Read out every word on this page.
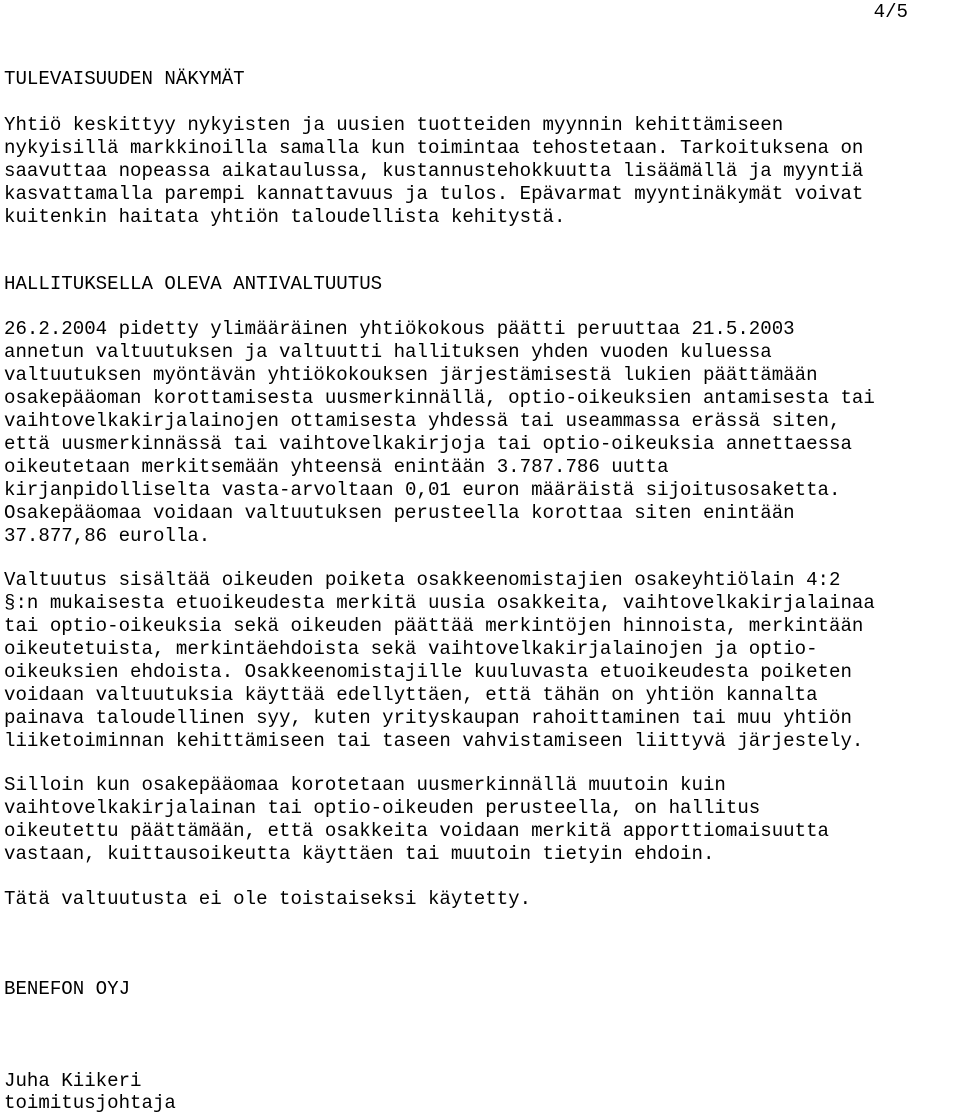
4/5
TULEVAISUUDEN NÄKYMÄT
Yhtiö keskittyy nykyisten ja uusien tuotteiden myynnin kehittämiseen
nykyisillä markkinoilla samalla kun toimintaa tehostetaan. Tarkoituksena on
saavuttaa nopeassa aikataulussa, kustannustehokkuutta lisäämällä ja myyntiä
kasvattamalla parempi kannattavuus ja tulos. Epävarmat myyntinäkymät voivat
kuitenkin haitata yhtiön taloudellista kehitystä.
HALLITUKSELLA OLEVA ANTIVALTUUTUS
26.2.2004 pidetty ylimääräinen yhtiökokous päätti peruuttaa 21.5.2003
annetun valtuutuksen ja valtuutti hallituksen yhden vuoden kuluessa
valtuutuksen myöntävän yhtiökokouksen järjestämisestä lukien päättämään
osakepääoman korottamisesta uusmerkinnällä, optio-oikeuksien antamisesta tai
vaihtovelkakirjalainojen ottamisesta yhdessä tai useammassa erässä siten,
että uusmerkinnässä tai vaihtovelkakirjoja tai optio-oikeuksia annettaessa
oikeutetaan merkitsemään yhteensä enintään 3.787.786 uutta
kirjanpidolliselta vasta-arvoltaan 0,01 euron määräistä sijoitusosaketta.
Osakepääomaa voidaan valtuutuksen perusteella korottaa siten enintään
37.877,86 eurolla.
Valtuutus sisältää oikeuden poiketa osakkeenomistajien osakeyhtiölain 4:2
§:n mukaisesta etuoikeudesta merkitä uusia osakkeita, vaihtovelkakirjalainaa
tai optio-oikeuksia sekä oikeuden päättää merkintöjen hinnoista, merkintään
oikeutetuista, merkintäehdoista sekä vaihtovelkakirjalainojen ja optio-
oikeuksien ehdoista. Osakkeenomistajille kuuluvasta etuoikeudesta poiketen
voidaan valtuutuksia käyttää edellyttäen, että tähän on yhtiön kannalta
painava taloudellinen syy, kuten yrityskaupan rahoittaminen tai muu yhtiön
liiketoiminnan kehittämiseen tai taseen vahvistamiseen liittyvä järjestely.
Silloin kun osakepääomaa korotetaan uusmerkinnällä muutoin kuin
vaihtovelkakirjalainan tai optio-oikeuden perusteella, on hallitus
oikeutettu päättämään, että osakkeita voidaan merkitä apporttiomaisuutta
vastaan, kuittausoikeutta käyttäen tai muutoin tietyin ehdoin.
Tätä valtuutusta ei ole toistaiseksi käytetty.
BENEFON OYJ
Juha Kiikeri
toimitusjohtaja
